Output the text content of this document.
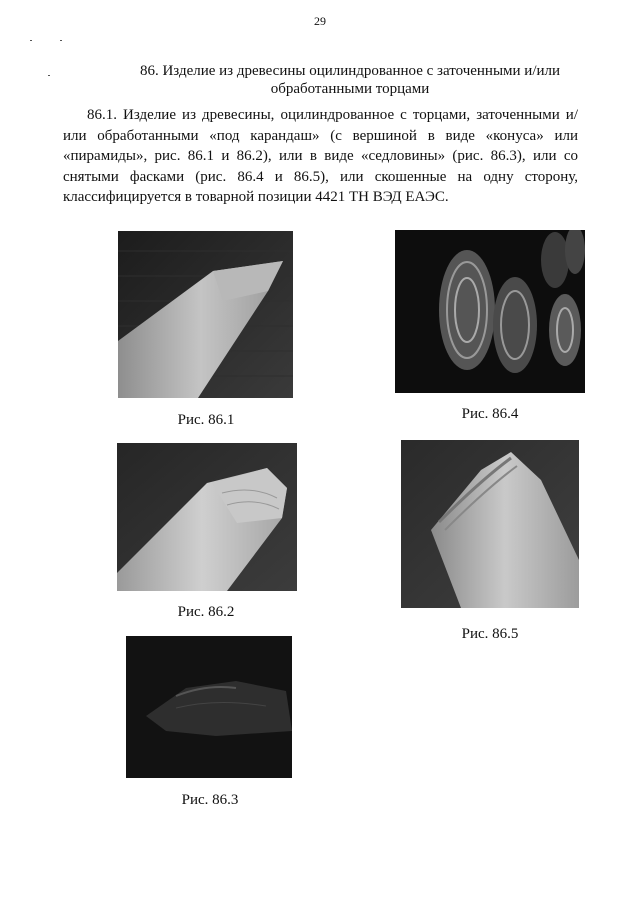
29
86. Изделие из древесины оцилиндрованное с заточенными и/или обработанными торцами
86.1. Изделие из древесины, оцилиндрованное с торцами, заточенными и/или обработанными «под карандаш» (с вершиной в виде «конуса» или «пирамиды», рис. 86.1 и 86.2), или в виде «седловины» (рис. 86.3), или со снятыми фасками (рис. 86.4 и 86.5), или скошенные на одну сторону, классифицируется в товарной позиции 4421 ТН ВЭД ЕАЭС.
Рис. 86.1	Рис. 86.4
Рис. 86.2
Рис. 86.5
Рис. 86.3
